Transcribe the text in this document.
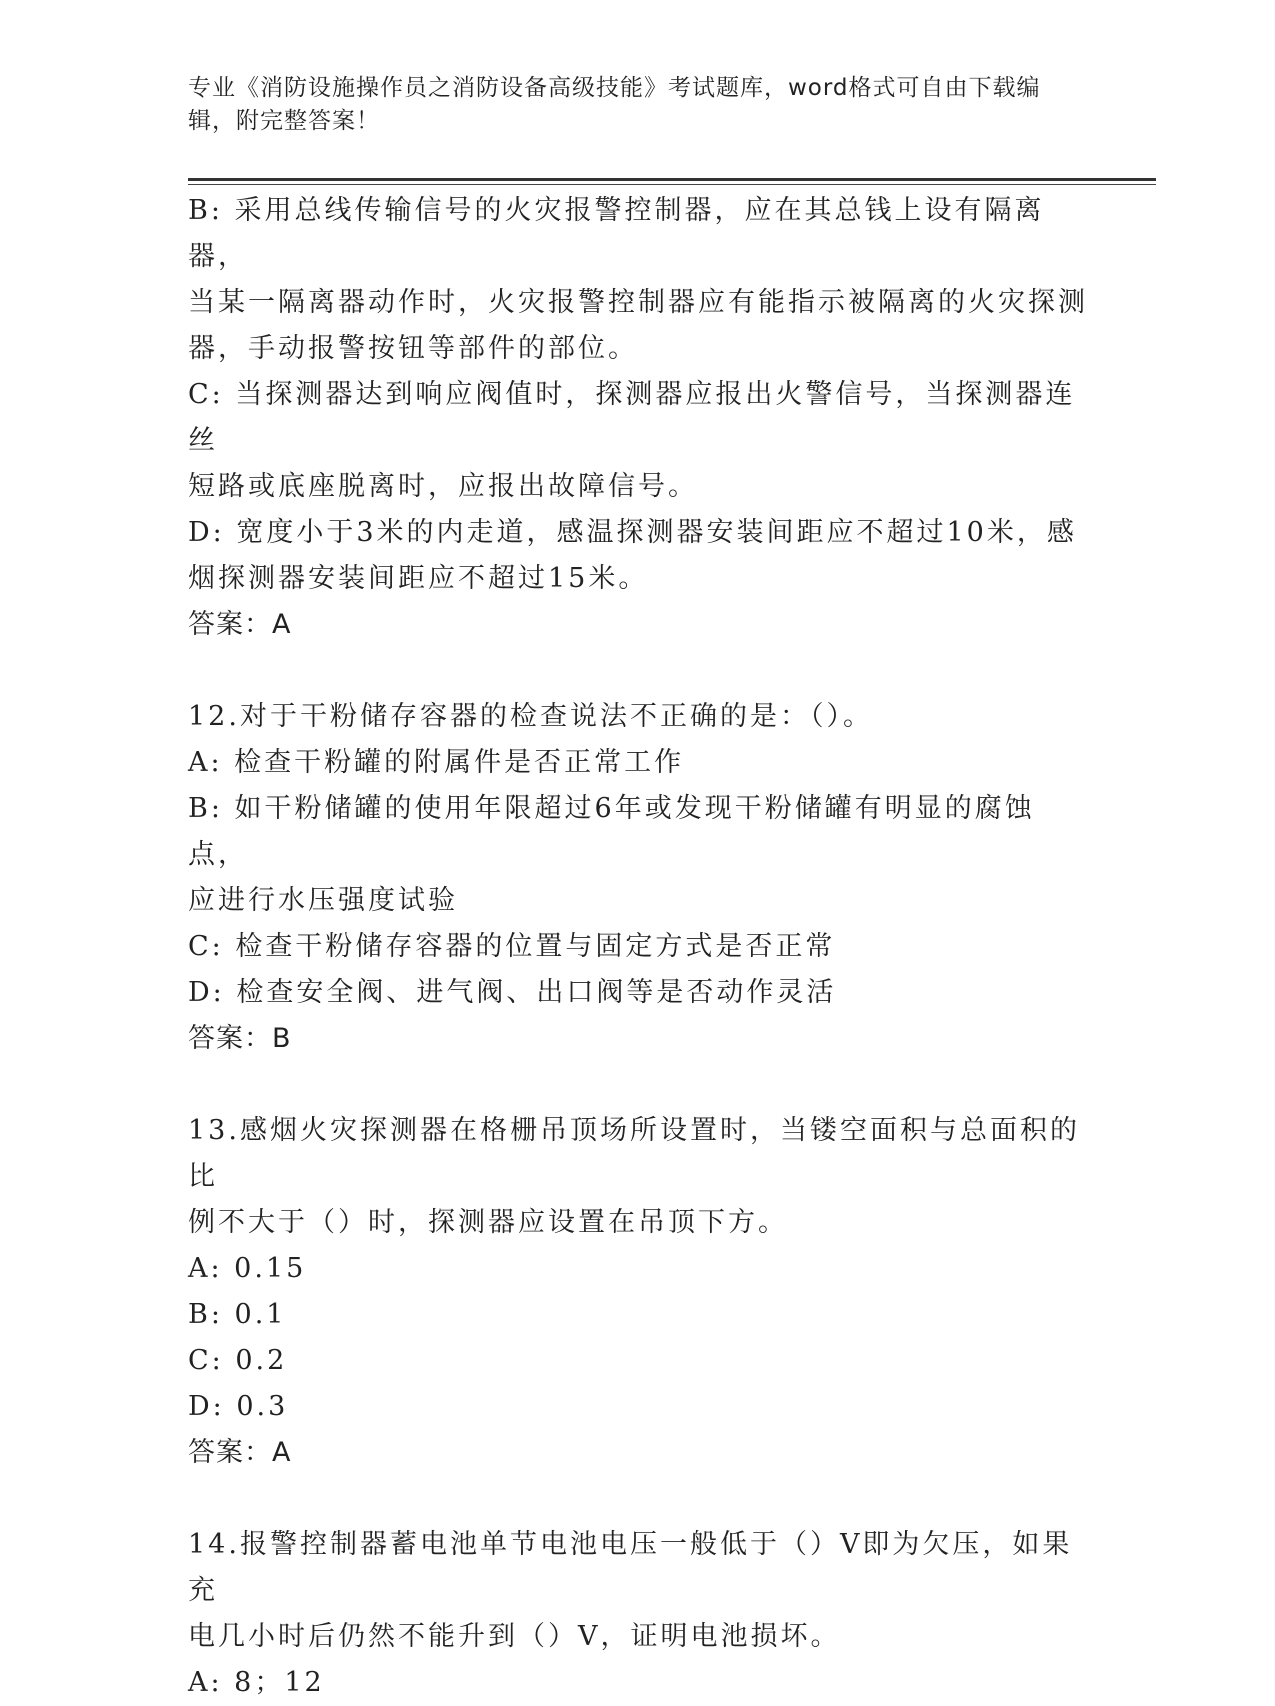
专业《消防设施操作员之消防设备高级技能》考试题库，word格式可自由下载编
辑，附完整答案！
B: 采用总线传输信号的火灾报警控制器，应在其总钱上设有隔离器，
当某一隔离器动作时，火灾报警控制器应有能指示被隔离的火灾探测
器，手动报警按钮等部件的部位。
C: 当探测器达到响应阀值时，探测器应报出火警信号，当探测器连丝
短路或底座脱离时，应报出故障信号。
D: 宽度小于3米的内走道，感温探测器安装间距应不超过10米，感
烟探测器安装间距应不超过15米。
答案：A
12.对于干粉储存容器的检查说法不正确的是：（）。
A: 检查干粉罐的附属件是否正常工作
B: 如干粉储罐的使用年限超过6年或发现干粉储罐有明显的腐蚀点，
应进行水压强度试验
C: 检查干粉储存容器的位置与固定方式是否正常
D: 检查安全阀、进气阀、出口阀等是否动作灵活
答案：B
13.感烟火灾探测器在格栅吊顶场所设置时，当镂空面积与总面积的比
例不大于（）时，探测器应设置在吊顶下方。
A: 0.15
B: 0.1
C: 0.2
D: 0.3
答案：A
14.报警控制器蓄电池单节电池电压一般低于（）V即为欠压，如果充
电几小时后仍然不能升到（）V，证明电池损坏。
A: 8；12
